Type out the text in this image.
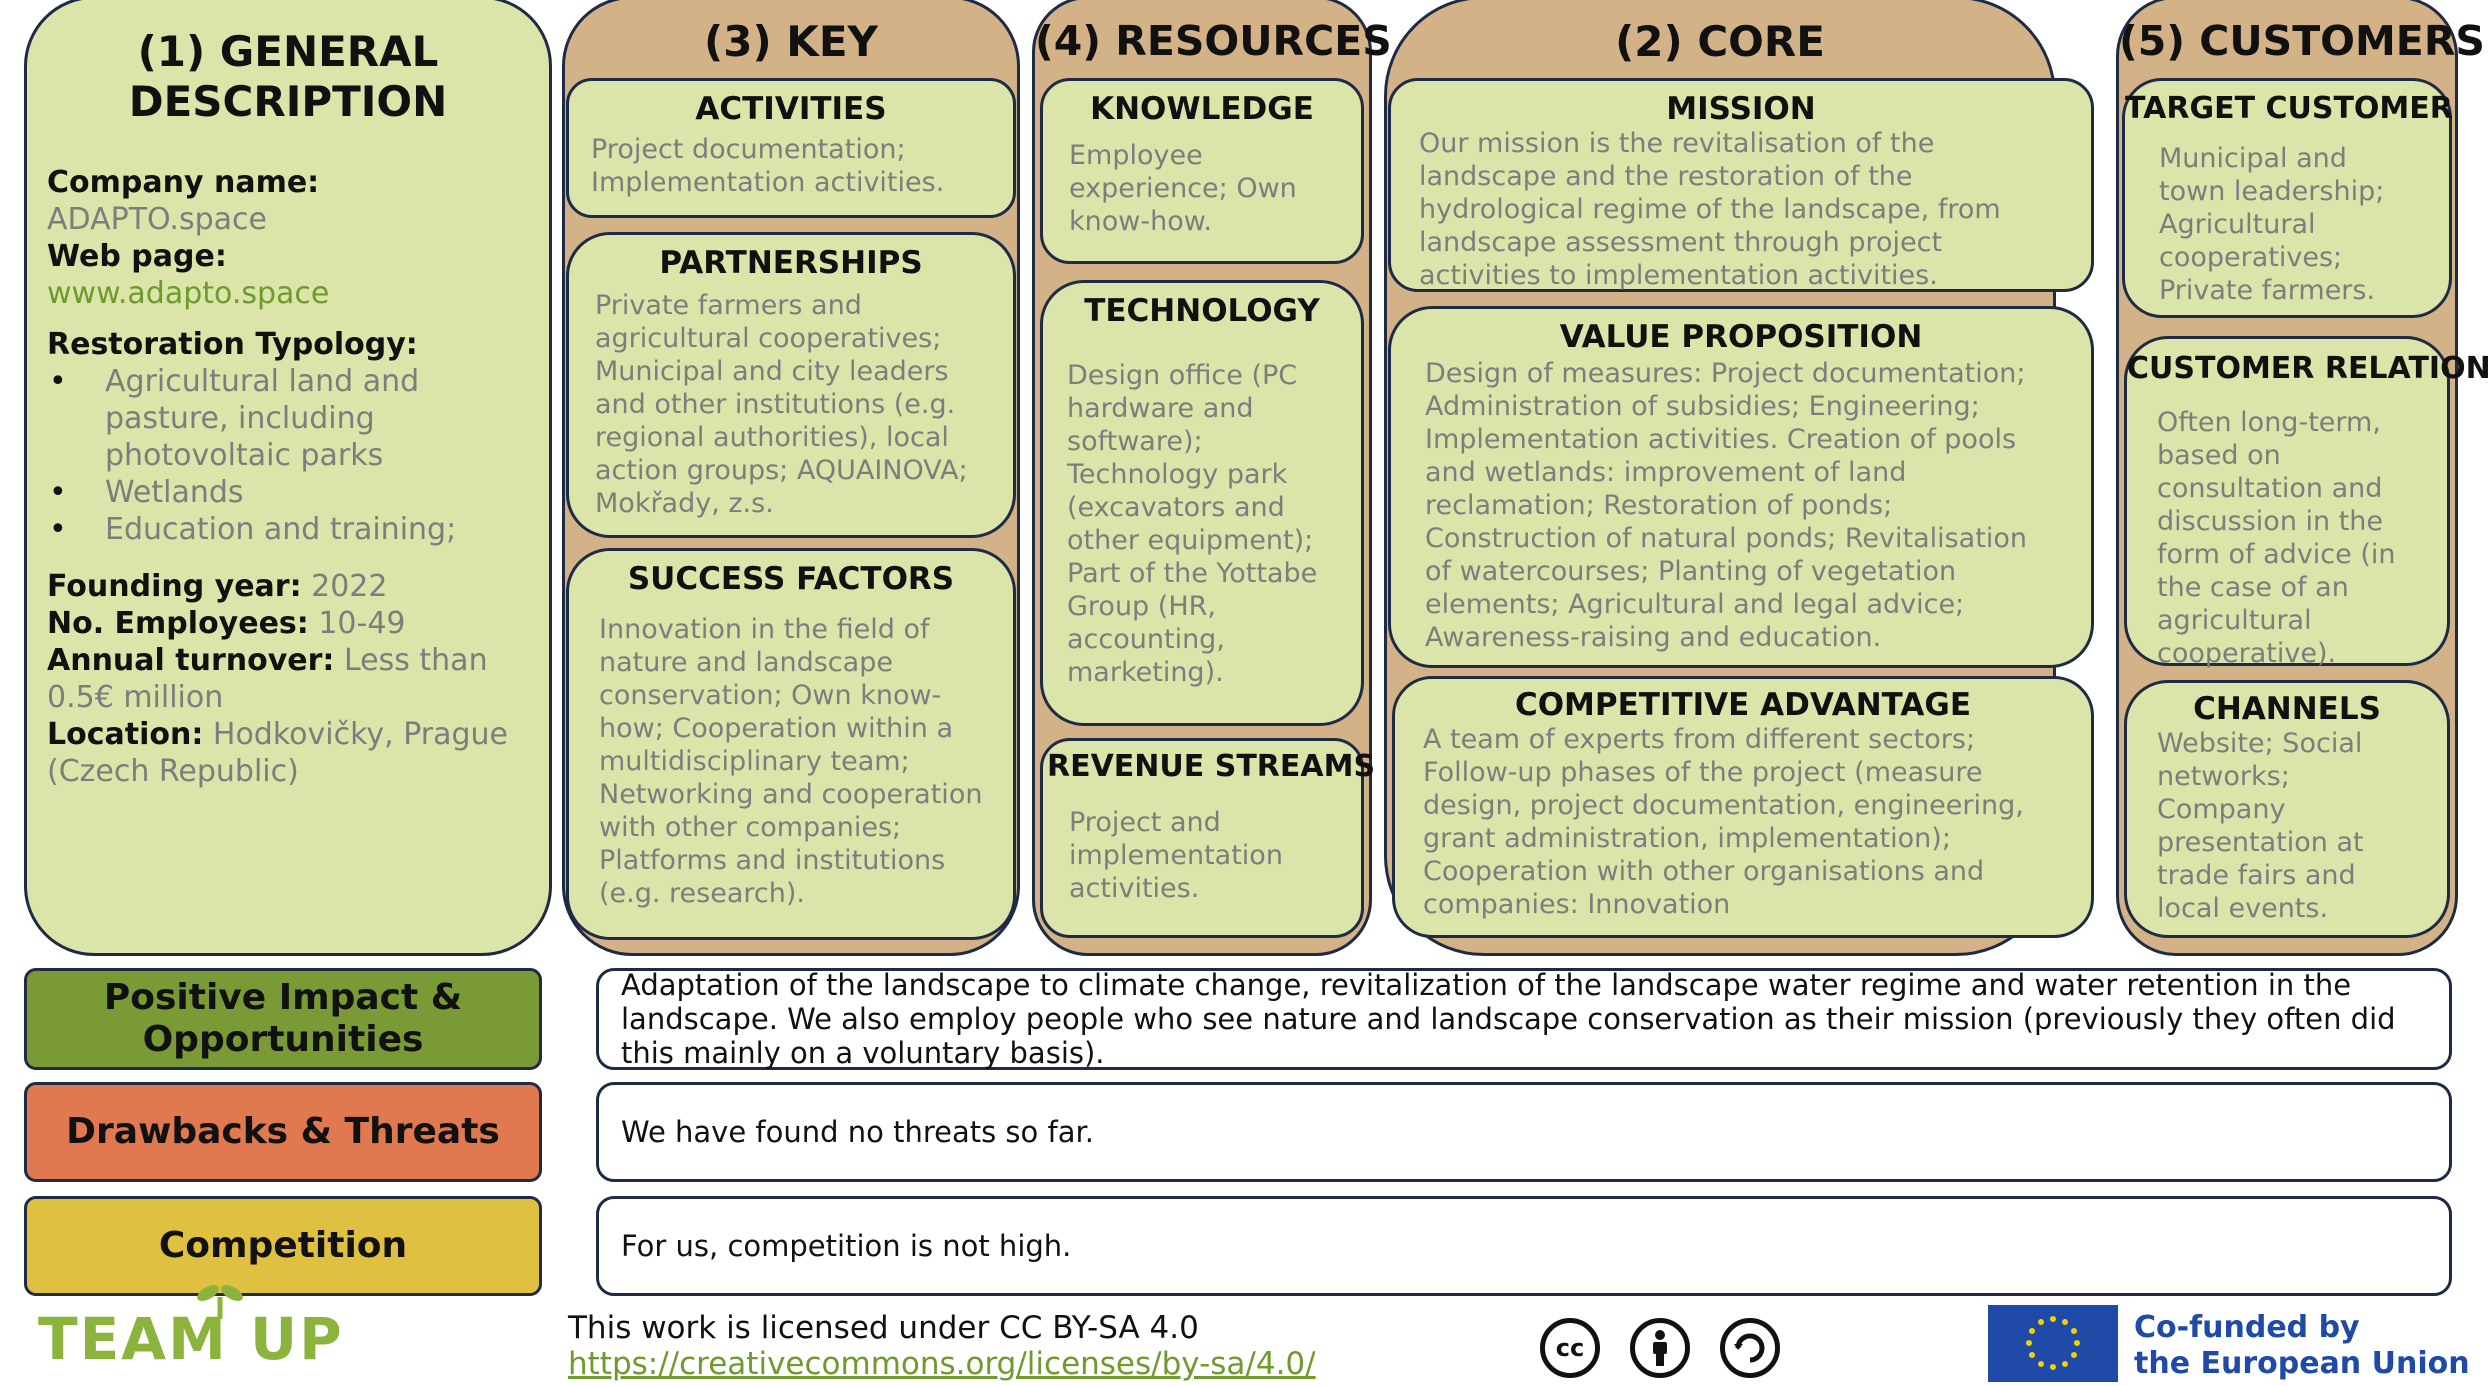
(1) GENERAL DESCRIPTION
Company name:
ADAPTO.space
Web page:
www.adapto.space
Restoration Typology:
• Agricultural land and pasture, including photovoltaic parks
• Wetlands
• Education and training;
Founding year: 2022
No. Employees: 10-49
Annual turnover: Less than 0.5€ million
Location: Hodkovičky, Prague (Czech Republic)
(3) KEY
ACTIVITIES
Project documentation; Implementation activities.
PARTNERSHIPS
Private farmers and agricultural cooperatives; Municipal and city leaders and other institutions (e.g. regional authorities), local action groups; AQUAINOVA; Mokřady, z.s.
SUCCESS FACTORS
Innovation in the field of nature and landscape conservation; Own know-how; Cooperation within a multidisciplinary team; Networking and cooperation with other companies; Platforms and institutions (e.g. research).
(4) RESOURCES
KNOWLEDGE
Employee experience; Own know-how.
TECHNOLOGY
Design office (PC hardware and software); Technology park (excavators and other equipment); Part of the Yottabe Group (HR, accounting, marketing).
REVENUE STREAMS
Project and implementation activities.
(2) CORE
MISSION
Our mission is the revitalisation of the landscape and the restoration of the hydrological regime of the landscape, from landscape assessment through project activities to implementation activities.
VALUE PROPOSITION
Design of measures: Project documentation; Administration of subsidies; Engineering; Implementation activities. Creation of pools and wetlands: improvement of land reclamation; Restoration of ponds; Construction of natural ponds; Revitalisation of watercourses; Planting of vegetation elements; Agricultural and legal advice; Awareness-raising and education.
COMPETITIVE ADVANTAGE
A team of experts from different sectors; Follow-up phases of the project (measure design, project documentation, engineering, grant administration, implementation); Cooperation with other organisations and companies: Innovation
(5) CUSTOMERS
TARGET CUSTOMER
Municipal and town leadership; Agricultural cooperatives; Private farmers.
CUSTOMER RELATION
Often long-term, based on consultation and discussion in the form of advice (in the case of an agricultural cooperative).
CHANNELS
Website; Social networks; Company presentation at trade fairs and local events.
Positive Impact & Opportunities
Adaptation of the landscape to climate change, revitalization of the landscape water regime and water retention in the landscape. We also employ people who see nature and landscape conservation as their mission (previously they often did this mainly on a voluntary basis).
Drawbacks & Threats	We have found no threats so far.
Competition	For us, competition is not high.
TEAM UP	This work is licensed under CC BY-SA 4.0
https://creativecommons.org/licenses/by-sa/4.0/	cc
Co-funded by
the European Union
